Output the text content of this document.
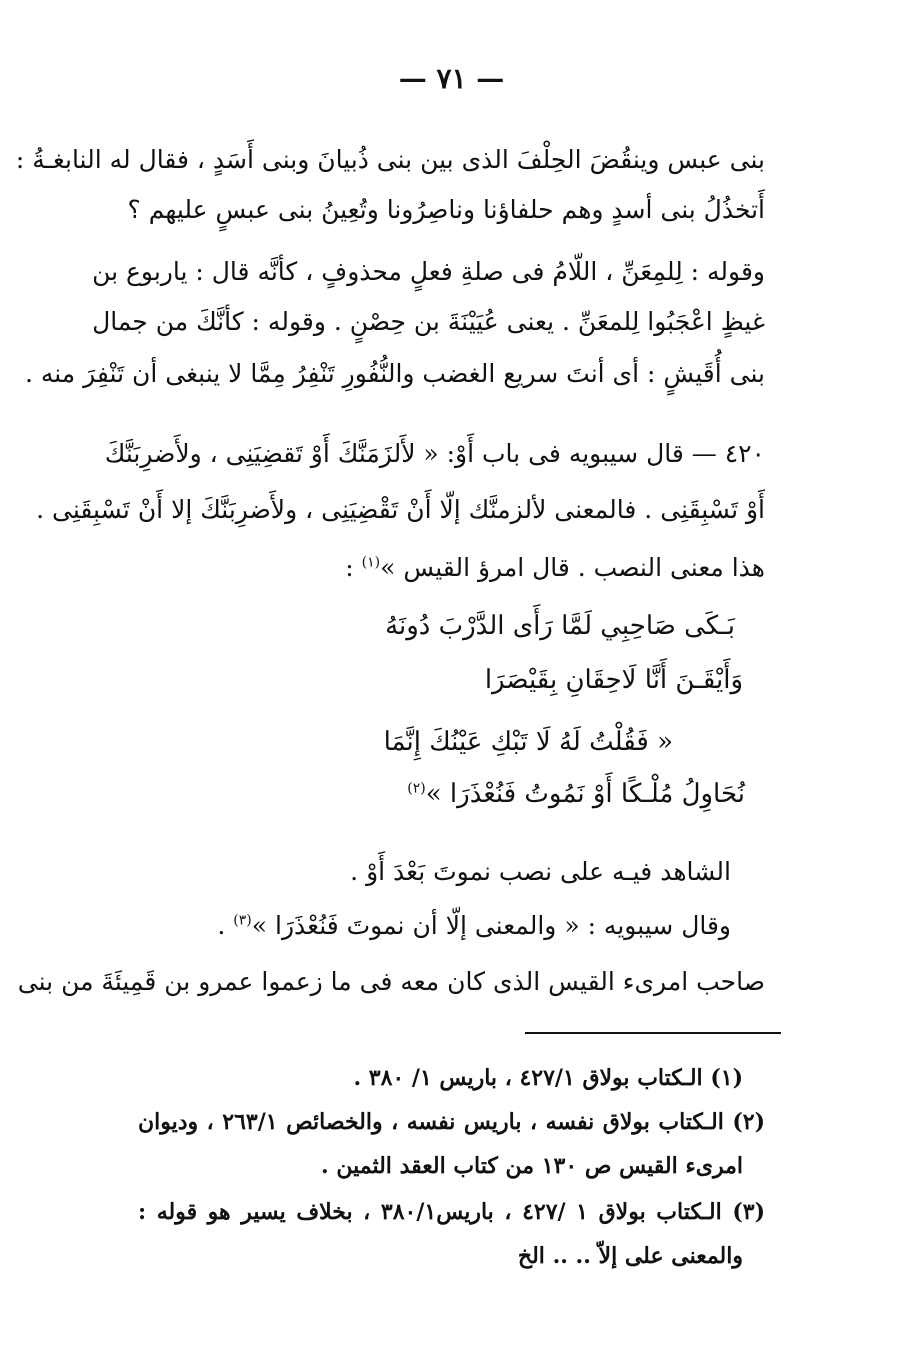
— ٧١ —
بنى عبس وينقُضَ الحِلْفَ الذى بين بنى ذُبيانَ وبنى أَسَدٍ ، فقال له النابغـةُ :
أَتخذُلُ بنى أسدٍ وهم حلفاؤنا وناصِرُونا وتُعِينُ بنى عبسٍ عليهم ؟
وقوله : لِلمِعَنِّ ، اللّامُ فى صلةِ فعلٍ محذوفٍ ، كأنَّه قال : ياربوع بن
غيظٍ اعْجَبُوا لِلمعَنِّ . يعنى عُيَيْنَةَ بن حِصْنٍ . وقوله : كأنَّكَ من جمال
بنى أُقَيشٍ : أى أنتَ سريع الغضب والنُّفُورِ تَنْفِرُ مِمَّا لا ينبغى أن تَنْفِرَ منه .
٤٢٠ — قال سيبويه فى باب أَوْ: « لأَلزَمَنَّكَ أَوْ تَقضِيَنِى ، ولأَضرِبَنَّكَ
أَوْ تَسْبِقَنِى . فالمعنى لألزمنَّك إلّا أَنْ تَقْضِيَنِى ، ولأَضرِبَنَّكَ إلا أَنْ تَسْبِقَنِى .
هذا معنى النصب . قال امرؤ القيس »$^{(١)}$ :
بَـكَى صَاحِبِي لَمَّا رَأَى الدَّرْبَ دُونَهُ
وَأَيْقَـنَ أَنَّا لَاحِقَانِ بِقَيْصَرَا
« فَقُلْتُ لَهُ لَا تَبْكِ عَيْنُكَ إِنَّمَا
نُحَاوِلُ مُلْـكًا أَوْ نَمُوتُ فَنُعْذَرَا »$^{(٢)}$
الشاهد فيـه على نصب نموتَ بَعْدَ أَوْ .
وقال سيبويه : « والمعنى إلّا أن نموتَ فَنُعْذَرَا »$^{(٣)}$ .
صاحب امرىء القيس الذى كان معه فى ما زعموا عمرو بن قَمِيئَةَ من بنى
(١) الـكتاب بولاق ٤٢٧/١ ، باريس ١/ ٣٨٠ .
(٢) الـكتاب بولاق نفسه ، باريس نفسه ، والخصائص ٢٦٣/١ ، وديوان
امرىء القيس ص ١٣٠ من كتاب العقد الثمين .
(٣) الـكتاب بولاق ١ /٤٢٧ ، باريس٣٨٠/١ ، بخلاف يسير هو قوله :
والمعنى على إلاّ .. .. الخ
